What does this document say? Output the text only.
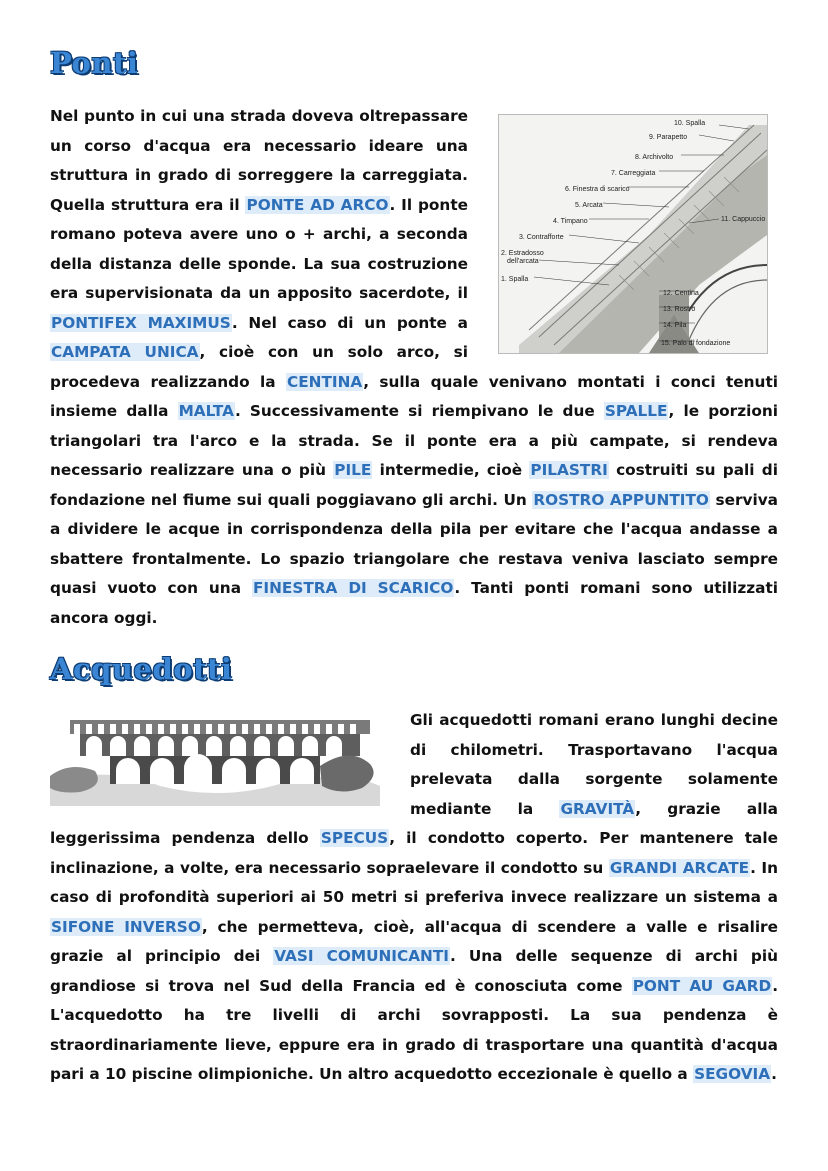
Ponti
10. Spalla
9. Parapetto
8. Archivolto
7. Carreggiata
6. Finestra di scarico
5. Arcata
4. Timpano
3. Contrafforte
2. Estradosso
dell'arcata
1. Spalla
11. Cappuccio
12. Centina
13. Rostro
14. Pila
15. Palo di fondazione

Nel punto in cui una strada doveva oltrepassare un corso d'acqua era necessario ideare una struttura in grado di sorreggere la carreggiata. Quella struttura era il PONTE AD ARCO. Il ponte romano poteva avere uno o + archi, a seconda della distanza delle sponde. La sua costruzione era supervisionata da un apposito sacerdote, il PONTIFEX MAXIMUS. Nel caso di un ponte a CAMPATA UNICA, cioè con un solo arco, si procedeva realizzando la CENTINA, sulla quale venivano montati i conci tenuti insieme dalla MALTA. Successivamente si riempivano le due SPALLE, le porzioni triangolari tra l'arco e la strada. Se il ponte era a più campate, si rendeva necessario realizzare una o più PILE intermedie, cioè PILASTRI costruiti su pali di fondazione nel fiume sui quali poggiavano gli archi. Un ROSTRO APPUNTITO serviva a dividere le acque in corrispondenza della pila per evitare che l'acqua andasse a sbattere frontalmente. Lo spazio triangolare che restava veniva lasciato sempre quasi vuoto con una FINESTRA DI SCARICO. Tanti ponti romani sono utilizzati ancora oggi.

Acquedotti

Gli acquedotti romani erano lunghi decine di chilometri. Trasportavano l'acqua prelevata dalla sorgente solamente mediante la GRAVITÀ, grazie alla leggerissima pendenza dello SPECUS, il condotto coperto. Per mantenere tale inclinazione, a volte, era necessario sopraelevare il condotto su GRANDI ARCATE. In caso di profondità superiori ai 50 metri si preferiva invece realizzare un sistema a SIFONE INVERSO, che permetteva, cioè, all'acqua di scendere a valle e risalire grazie al principio dei VASI COMUNICANTI. Una delle sequenze di archi più grandiose si trova nel Sud della Francia ed è conosciuta come PONT AU GARD. L'acquedotto ha tre livelli di archi sovrapposti. La sua pendenza è straordinariamente lieve, eppure era in grado di trasportare una quantità d'acqua pari a 10 piscine olimpioniche. Un altro acquedotto eccezionale è quello a SEGOVIA.
